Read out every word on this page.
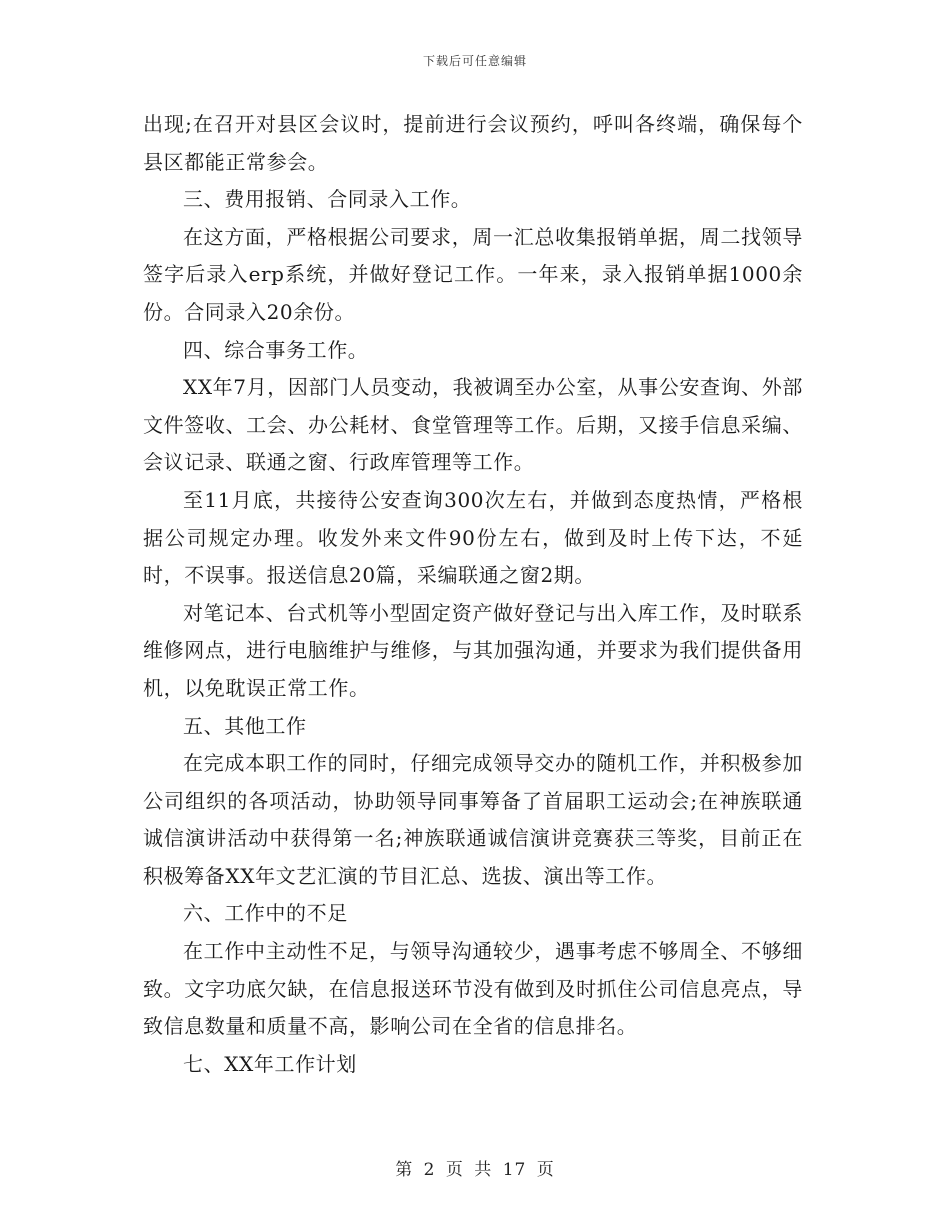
下载后可任意编辑

出现;在召开对县区会议时，提前进行会议预约，呼叫各终端，确保每个县区都能正常参会。

三、费用报销、合同录入工作。

在这方面，严格根据公司要求，周一汇总收集报销单据，周二找领导签字后录入erp系统，并做好登记工作。一年来，录入报销单据1000余份。合同录入20余份。

四、综合事务工作。

XX年7月，因部门人员变动，我被调至办公室，从事公安查询、外部文件签收、工会、办公耗材、食堂管理等工作。后期，又接手信息采编、会议记录、联通之窗、行政库管理等工作。

至11月底，共接待公安查询300次左右，并做到态度热情，严格根据公司规定办理。收发外来文件90份左右，做到及时上传下达，不延时，不误事。报送信息20篇，采编联通之窗2期。

对笔记本、台式机等小型固定资产做好登记与出入库工作，及时联系维修网点，进行电脑维护与维修，与其加强沟通，并要求为我们提供备用机，以免耽误正常工作。

五、其他工作

在完成本职工作的同时，仔细完成领导交办的随机工作，并积极参加公司组织的各项活动，协助领导同事筹备了首届职工运动会;在神族联通诚信演讲活动中获得第一名;神族联通诚信演讲竞赛获三等奖，目前正在积极筹备XX年文艺汇演的节目汇总、选拔、演出等工作。

六、工作中的不足

在工作中主动性不足，与领导沟通较少，遇事考虑不够周全、不够细致。文字功底欠缺，在信息报送环节没有做到及时抓住公司信息亮点，导致信息数量和质量不高，影响公司在全省的信息排名。

七、XX年工作计划

第 2 页 共 17 页
